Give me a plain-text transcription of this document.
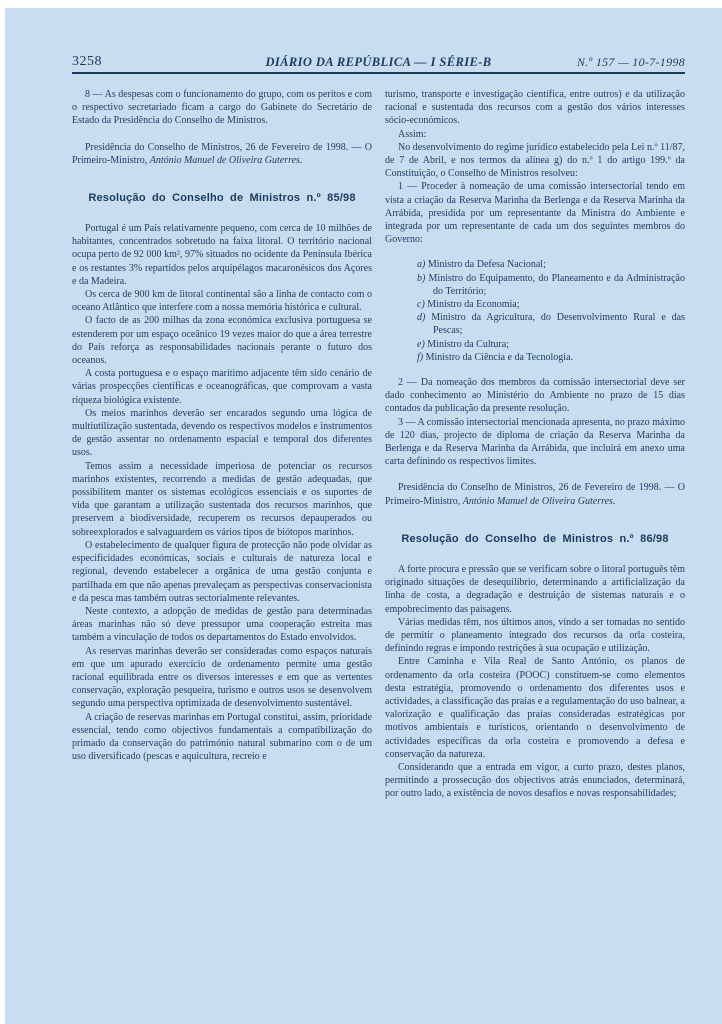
3258	DIÁRIO DA REPÚBLICA — I SÉRIE-B	N.º 157 — 10-7-1998

8 — As despesas com o funcionamento do grupo, com os peritos e com o respectivo secretariado ficam a cargo do Gabinete do Secretário de Estado da Presidência do Conselho de Ministros.

Presidência do Conselho de Ministros, 26 de Fevereiro de 1998. — O Primeiro-Ministro, António Manuel de Oliveira Guterres.

Resolução do Conselho de Ministros n.º 85/98

Portugal é um País relativamente pequeno, com cerca de 10 milhões de habitantes, concentrados sobretudo na faixa litoral. O território nacional ocupa perto de 92 000 km², 97% situados no ocidente da Península Ibérica e os restantes 3% repartidos pelos arquipélagos macaronésicos dos Açores e da Madeira.

Os cerca de 900 km de litoral continental são a linha de contacto com o oceano Atlântico que interfere com a nossa memória histórica e cultural.

O facto de as 200 milhas da zona económica exclusiva portuguesa se estenderem por um espaço oceânico 19 vezes maior do que a área terrestre do País reforça as responsabilidades nacionais perante o futuro dos oceanos.

A costa portuguesa e o espaço marítimo adjacente têm sido cenário de várias prospecções científicas e oceanográficas, que comprovam a vasta riqueza biológica existente.

Os meios marinhos deverão ser encarados segundo uma lógica de multiutilização sustentada, devendo os respectivos modelos e instrumentos de gestão assentar no ordenamento espacial e temporal dos diferentes usos.

Temos assim a necessidade imperiosa de potenciar os recursos marinhos existentes, recorrendo a medidas de gestão adequadas, que possibilitem manter os sistemas ecológicos essenciais e os suportes de vida que garantam a utilização sustentada dos recursos marinhos, que preservem a biodiversidade, recuperem os recursos depauperados ou sobreexplorados e salvaguardem os vários tipos de biótopos marinhos.

O estabelecimento de qualquer figura de protecção não pode olvidar as especificidades económicas, sociais e culturais de natureza local e regional, devendo estabelecer a orgânica de uma gestão conjunta e partilhada em que não apenas prevaleçam as perspectivas conservacionista e da pesca mas também outras sectorialmente relevantes.

Neste contexto, a adopção de medidas de gestão para determinadas áreas marinhas não só deve pressupor uma cooperação estreita mas também a vinculação de todos os departamentos do Estado envolvidos.

As reservas marinhas deverão ser consideradas como espaços naturais em que um apurado exercício de ordenamento permite uma gestão racional equilibrada entre os diversos interesses e em que as vertentes conservação, exploração pesqueira, turismo e outros usos se desenvolvem segundo uma perspectiva optimizada de desenvolvimento sustentável.

A criação de reservas marinhas em Portugal constitui, assim, prioridade essencial, tendo como objectivos fundamentais a compatibilização do primado da conservação do património natural submarino com o de um uso diversificado (pescas e aquicultura, recreio e

turismo, transporte e investigação científica, entre outros) e da utilização racional e sustentada dos recursos com a gestão dos vários interesses sócio-económicos.

Assim:

No desenvolvimento do regime jurídico estabelecido pela Lei n.º 11/87, de 7 de Abril, e nos termos da alínea g) do n.º 1 do artigo 199.º da Constituição, o Conselho de Ministros resolveu:

1 — Proceder à nomeação de uma comissão intersectorial tendo em vista a criação da Reserva Marinha da Berlenga e da Reserva Marinha da Arrábida, presidida por um representante da Ministra do Ambiente e integrada por um representante de cada um dos seguintes membros do Governo:

a) Ministro da Defesa Nacional;
b) Ministro do Equipamento, do Planeamento e da Administração do Território;
c) Ministro da Economia;
d) Ministro da Agricultura, do Desenvolvimento Rural e das Pescas;
e) Ministro da Cultura;
f) Ministro da Ciência e da Tecnologia.

2 — Da nomeação dos membros da comissão intersectorial deve ser dado conhecimento ao Ministério do Ambiente no prazo de 15 dias contados da publicação da presente resolução.

3 — A comissão intersectorial mencionada apresenta, no prazo máximo de 120 dias, projecto de diploma de criação da Reserva Marinha da Berlenga e da Reserva Marinha da Arrábida, que incluirá em anexo uma carta definindo os respectivos limites.

Presidência do Conselho de Ministros, 26 de Fevereiro de 1998. — O Primeiro-Ministro, António Manuel de Oliveira Guterres.

Resolução do Conselho de Ministros n.º 86/98

A forte procura e pressão que se verificam sobre o litoral português têm originado situações de desequilíbrio, determinando a artificialização da linha de costa, a degradação e destruição de sistemas naturais e o empobrecimento das paisagens.

Várias medidas têm, nos últimos anos, vindo a ser tomadas no sentido de permitir o planeamento integrado dos recursos da orla costeira, definindo regras e impondo restrições à sua ocupação e utilização.

Entre Caminha e Vila Real de Santo António, os planos de ordenamento da orla costeira (POOC) constituem-se como elementos desta estratégia, promovendo o ordenamento dos diferentes usos e actividades, a classificação das praias e a regulamentação do uso balnear, a valorização e qualificação das praias consideradas estratégicas por motivos ambientais e turísticos, orientando o desenvolvimento de actividades específicas da orla costeira e promovendo a defesa e conservação da natureza.

Considerando que a entrada em vigor, a curto prazo, destes planos, permitindo a prossecução dos objectivos atrás enunciados, determinará, por outro lado, a existência de novos desafios e novas responsabilidades;
